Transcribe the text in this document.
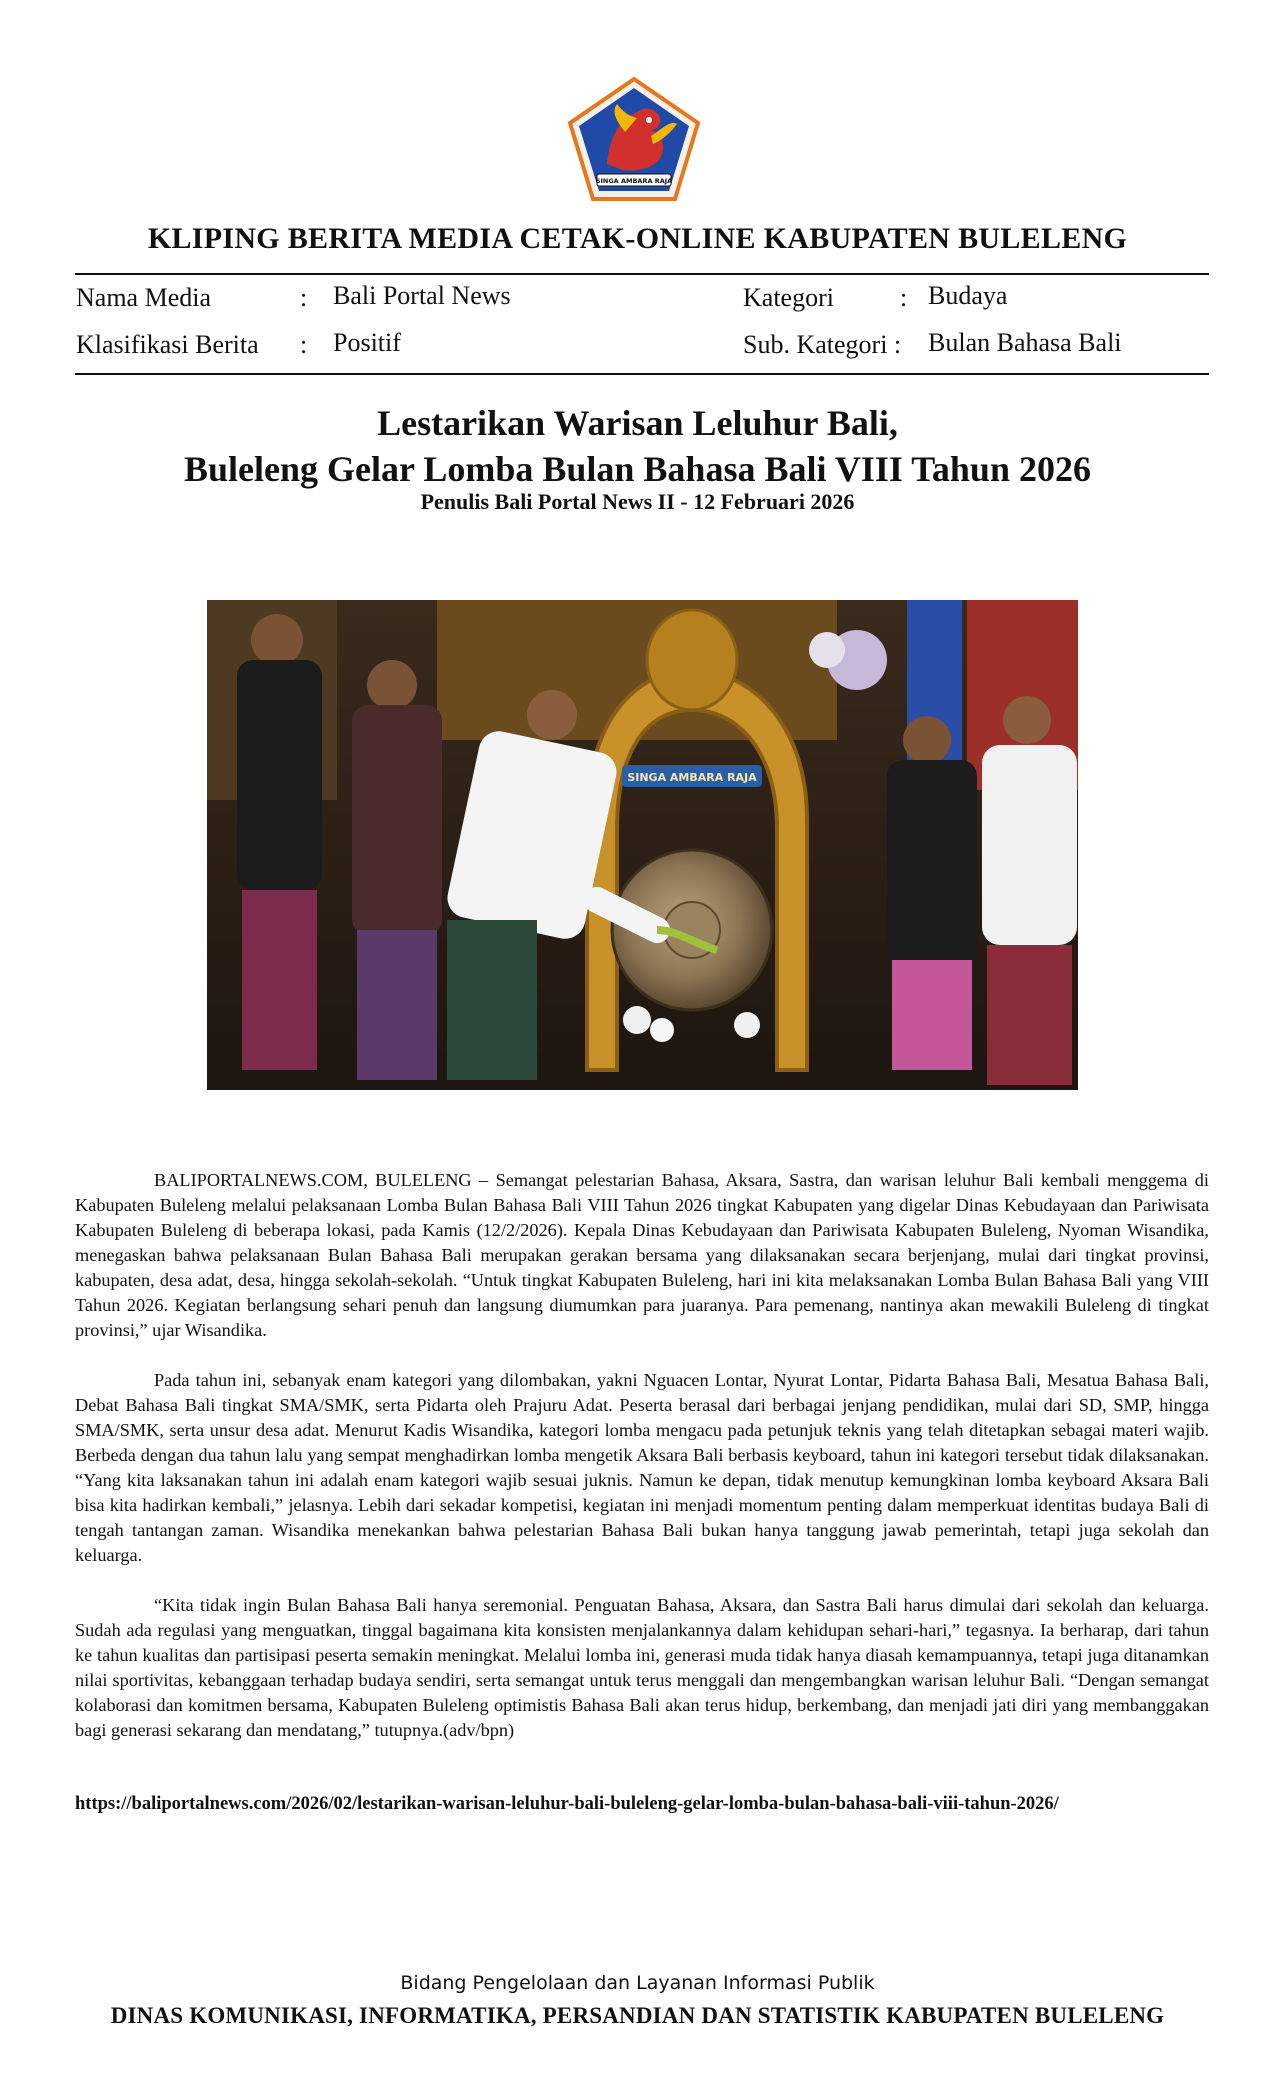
SINGA AMBARA RAJA
KLIPING BERITA MEDIA CETAK-ONLINE KABUPATEN BULELENG
Nama Media	: Bali Portal News
Klasifikasi Berita : Positif
Kategori	: Budaya
Sub. Kategori : Bulan Bahasa Bali
Lestarikan Warisan Leluhur Bali,
Buleleng Gelar Lomba Bulan Bahasa Bali VIII Tahun 2026
Penulis Bali Portal News II - 12 Februari 2026
SINGA AMBARA RAJA

BALIPORTALNEWS.COM, BULELENG – Semangat pelestarian Bahasa, Aksara, Sastra, dan warisan leluhur Bali kembali menggema di Kabupaten Buleleng melalui pelaksanaan Lomba Bulan Bahasa Bali VIII Tahun 2026 tingkat Kabupaten yang digelar Dinas Kebudayaan dan Pariwisata Kabupaten Buleleng di beberapa lokasi, pada Kamis (12/2/2026). Kepala Dinas Kebudayaan dan Pariwisata Kabupaten Buleleng, Nyoman Wisandika, menegaskan bahwa pelaksanaan Bulan Bahasa Bali merupakan gerakan bersama yang dilaksanakan secara berjenjang, mulai dari tingkat provinsi, kabupaten, desa adat, desa, hingga sekolah-sekolah. “Untuk tingkat Kabupaten Buleleng, hari ini kita melaksanakan Lomba Bulan Bahasa Bali yang VIII Tahun 2026. Kegiatan berlangsung sehari penuh dan langsung diumumkan para juaranya. Para pemenang, nantinya akan mewakili Buleleng di tingkat provinsi,” ujar Wisandika.

Pada tahun ini, sebanyak enam kategori yang dilombakan, yakni Nguacen Lontar, Nyurat Lontar, Pidarta Bahasa Bali, Mesatua Bahasa Bali, Debat Bahasa Bali tingkat SMA/SMK, serta Pidarta oleh Prajuru Adat. Peserta berasal dari berbagai jenjang pendidikan, mulai dari SD, SMP, hingga SMA/SMK, serta unsur desa adat. Menurut Kadis Wisandika, kategori lomba mengacu pada petunjuk teknis yang telah ditetapkan sebagai materi wajib. Berbeda dengan dua tahun lalu yang sempat menghadirkan lomba mengetik Aksara Bali berbasis keyboard, tahun ini kategori tersebut tidak dilaksanakan. “Yang kita laksanakan tahun ini adalah enam kategori wajib sesuai juknis. Namun ke depan, tidak menutup kemungkinan lomba keyboard Aksara Bali bisa kita hadirkan kembali,” jelasnya. Lebih dari sekadar kompetisi, kegiatan ini menjadi momentum penting dalam memperkuat identitas budaya Bali di tengah tantangan zaman. Wisandika menekankan bahwa pelestarian Bahasa Bali bukan hanya tanggung jawab pemerintah, tetapi juga sekolah dan keluarga.

“Kita tidak ingin Bulan Bahasa Bali hanya seremonial. Penguatan Bahasa, Aksara, dan Sastra Bali harus dimulai dari sekolah dan keluarga. Sudah ada regulasi yang menguatkan, tinggal bagaimana kita konsisten menjalankannya dalam kehidupan sehari-hari,” tegasnya. Ia berharap, dari tahun ke tahun kualitas dan partisipasi peserta semakin meningkat. Melalui lomba ini, generasi muda tidak hanya diasah kemampuannya, tetapi juga ditanamkan nilai sportivitas, kebanggaan terhadap budaya sendiri, serta semangat untuk terus menggali dan mengembangkan warisan leluhur Bali. “Dengan semangat kolaborasi dan komitmen bersama, Kabupaten Buleleng optimistis Bahasa Bali akan terus hidup, berkembang, dan menjadi jati diri yang membanggakan bagi generasi sekarang dan mendatang,” tutupnya.(adv/bpn)

https://baliportalnews.com/2026/02/lestarikan-warisan-leluhur-bali-buleleng-gelar-lomba-bulan-bahasa-bali-viii-tahun-2026/
Bidang Pengelolaan dan Layanan Informasi Publik
DINAS KOMUNIKASI, INFORMATIKA, PERSANDIAN DAN STATISTIK KABUPATEN BULELENG
